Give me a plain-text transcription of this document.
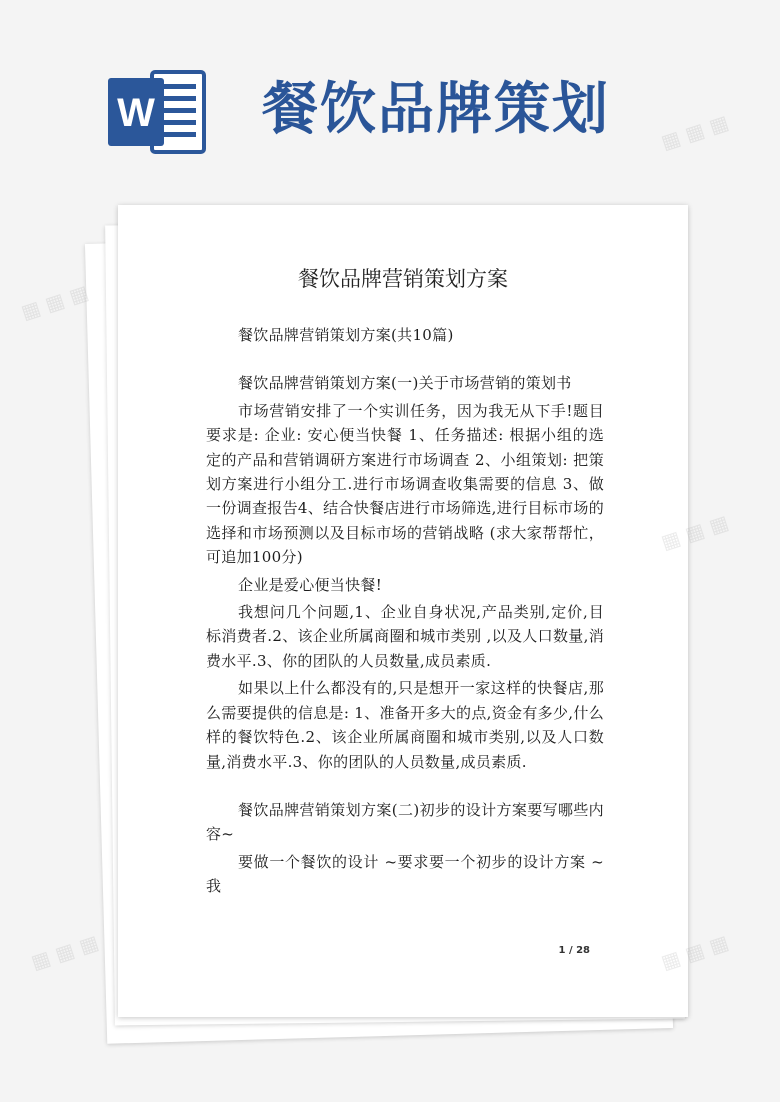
W 餐饮品牌策划
餐饮品牌营销策划方案

餐饮品牌营销策划方案(共10篇)

餐饮品牌营销策划方案(一)关于市场营销的策划书

市场营销安排了一个实训任务，因为我无从下手!题目要求是: 企业: 安心便当快餐 1、任务描述: 根据小组的选定的产品和营销调研方案进行市场调查 2、小组策划: 把策划方案进行小组分工.进行市场调查收集需要的信息 3、做一份调查报告4、结合快餐店进行市场筛选,进行目标市场的选择和市场预测以及目标市场的营销战略 (求大家帮帮忙，可追加100分)

企业是爱心便当快餐!

我想问几个问题,1、企业自身状况,产品类别,定价,目标消费者.2、该企业所属商圈和城市类别 ,以及人口数量,消费水平.3、你的团队的人员数量,成员素质.

如果以上什么都没有的,只是想开一家这样的快餐店,那么需要提供的信息是: 1、准备开多大的点,资金有多少,什么样的餐饮特色.2、该企业所属商圈和城市类别,以及人口数量,消费水平.3、你的团队的人员数量,成员素质.

餐饮品牌营销策划方案(二)初步的设计方案要写哪些内容~

要做一个餐饮的设计 ~要求要一个初步的设计方案 ~我

1 / 28
▦ ▦ ▦
▦ ▦ ▦
▦ ▦ ▦
▦ ▦ ▦	▦ ▦ ▦
